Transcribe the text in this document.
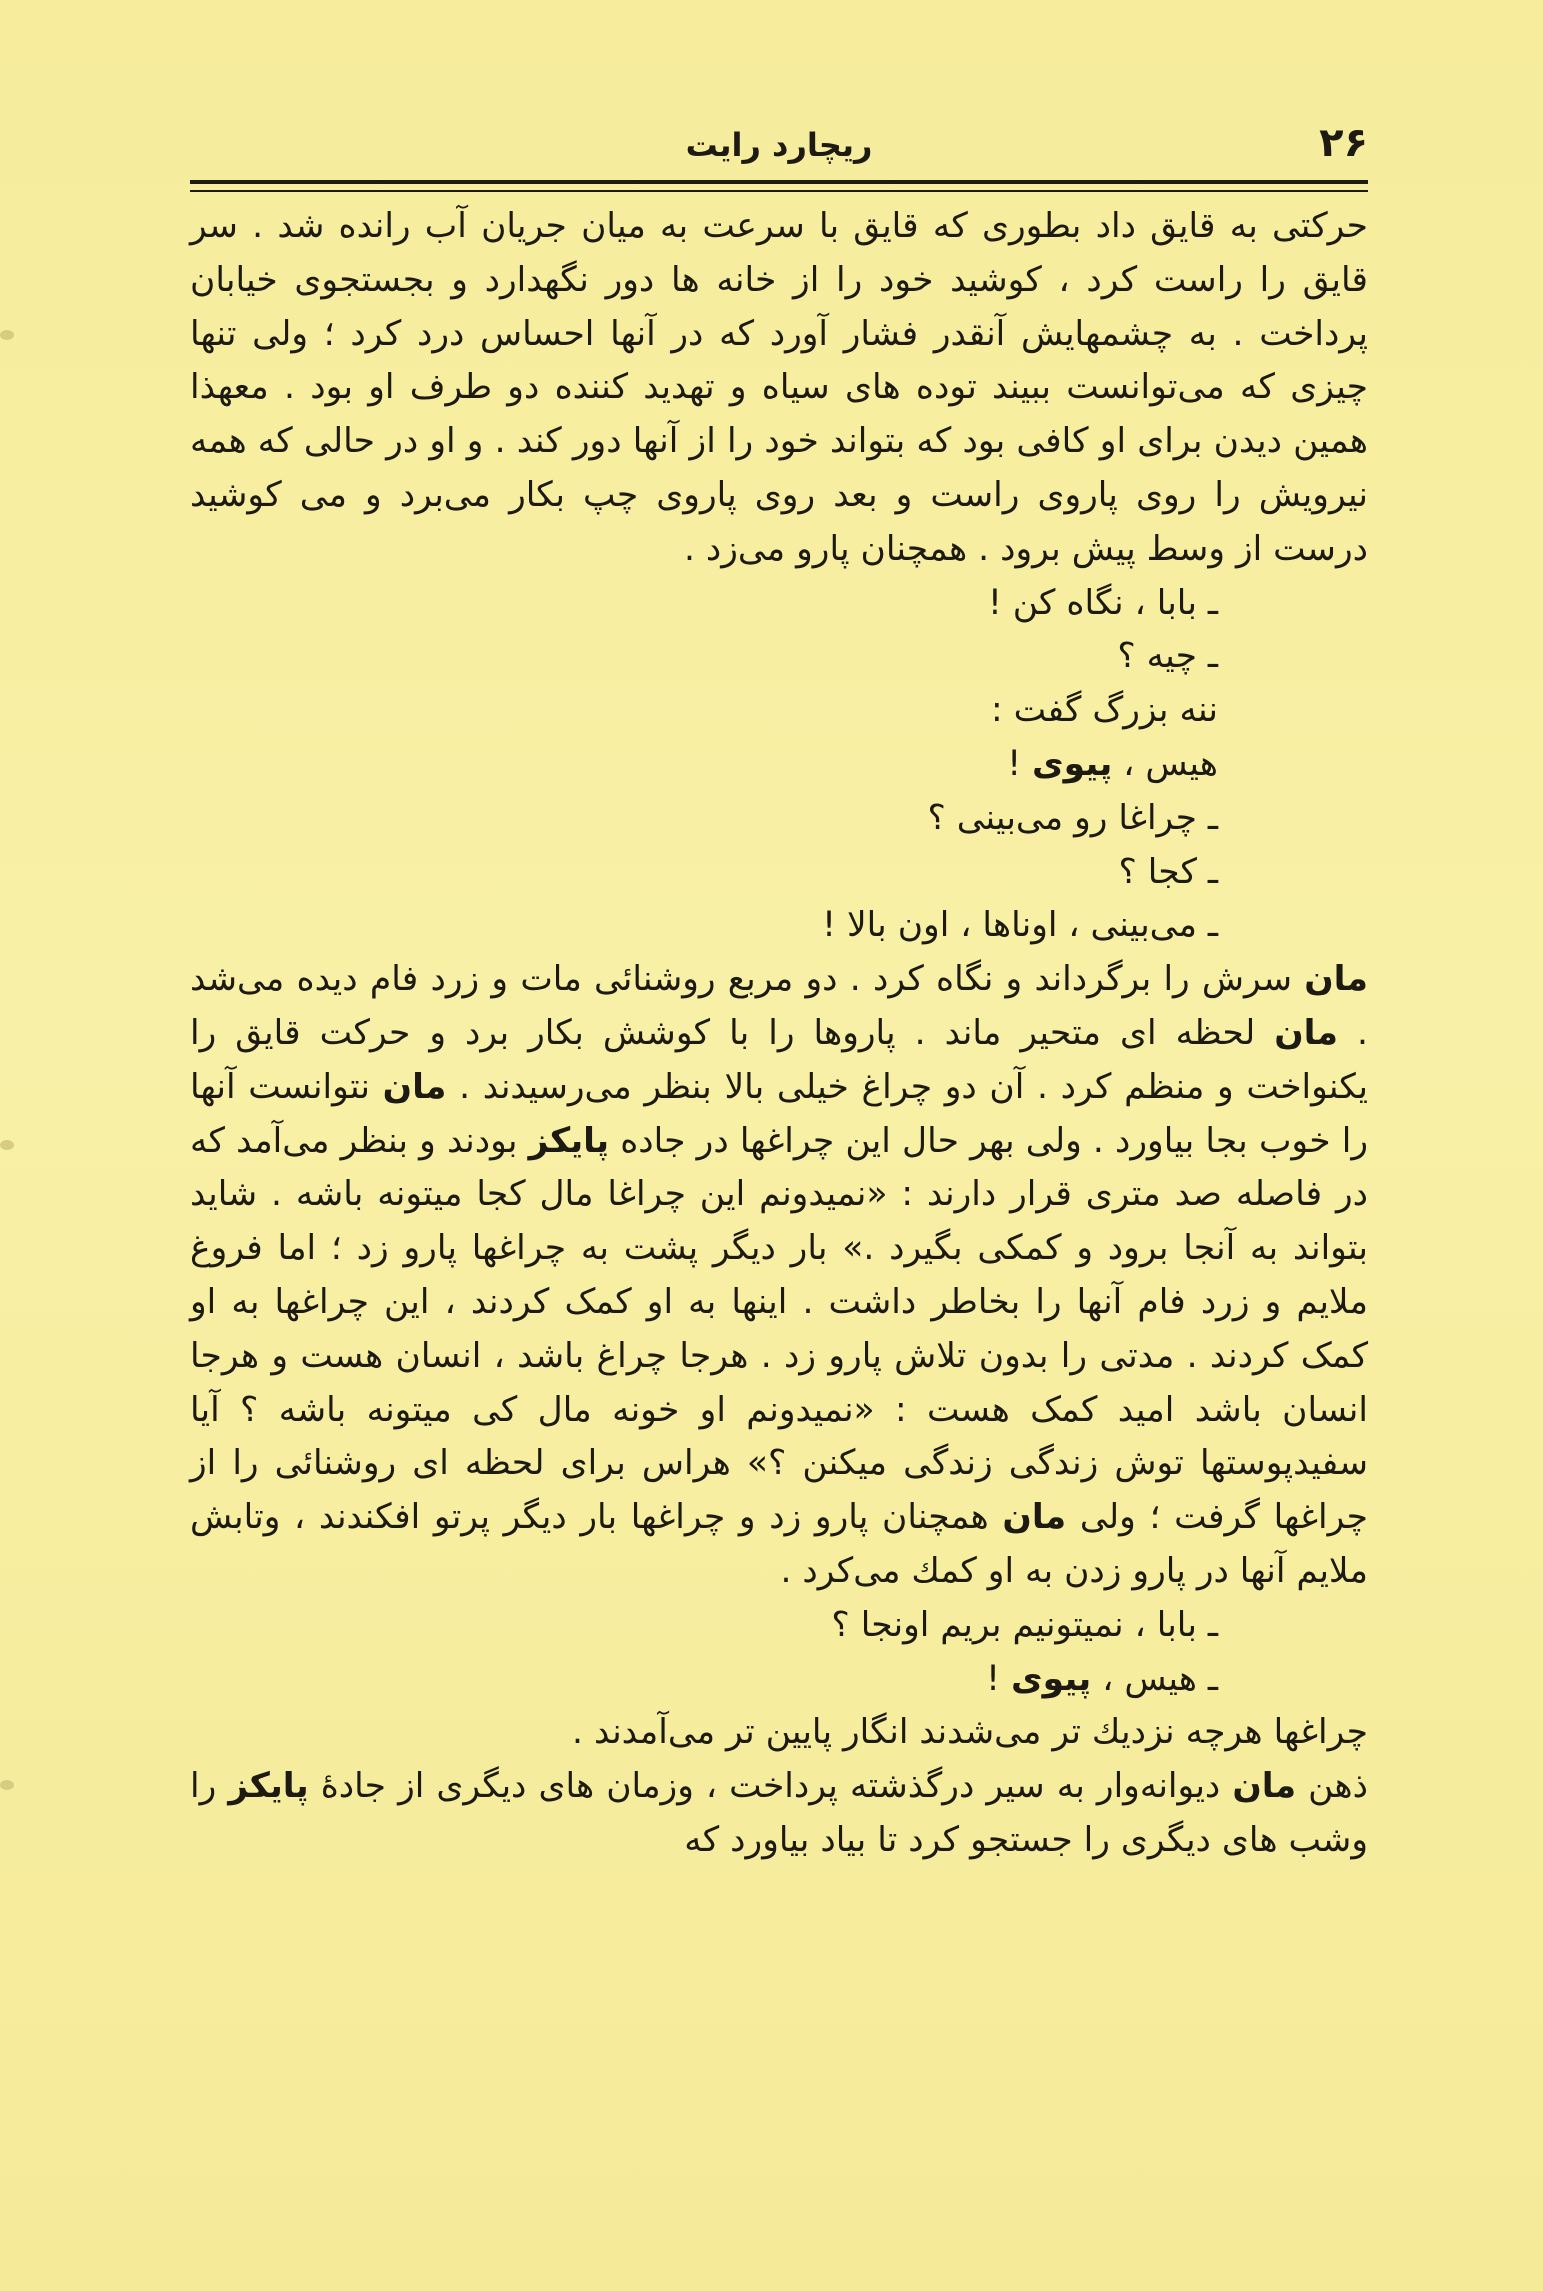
۲۶
ریچارد رایت

حرکتی به قایق داد بطوری که قایق با سرعت به میان جریان آب رانده شد . سر قایق را راست کرد ، کوشید خود را از خانه ها دور نگهدارد و بجستجوی خیابان پرداخت . به چشمهایش آنقدر فشار آورد که در آنها احساس درد کرد ؛ ولی تنها چیزی که می‌توانست ببیند توده های سیاه و تهدید کننده دو طرف او بود . معهذا همین دیدن برای او کافی بود که بتواند خود را از آنها دور کند . و او در حالی که همه نیرویش را روی پاروی راست و بعد روی پاروی چپ بکار می‌برد و می کوشید درست از وسط پیش برود . همچنان پارو می‌زد .

ـ بابا ، نگاه کن !

ـ چیه ؟

ننه بزرگ گفت :

هیس ، پیوی !

ـ چراغا رو می‌بینی ؟

ـ کجا ؟

ـ می‌بینی ، اوناها ، اون بالا !

مان سرش را برگرداند و نگاه کرد . دو مربع روشنائی مات و زرد فام دیده می‌شد . مان لحظه ای متحیر ماند . پاروها را با کوشش بکار برد و حرکت قایق را یکنواخت و منظم کرد . آن دو چراغ خیلی بالا بنظر می‌رسیدند . مان نتوانست آنها را خوب بجا بیاورد . ولی بهر حال این چراغها در جاده پایکز بودند و بنظر می‌آمد که در فاصله صد متری قرار دارند : «نمیدونم این چراغا مال کجا میتونه باشه . شاید بتواند به آنجا برود و کمکی بگیرد .» بار دیگر پشت به چراغها پارو زد ؛ اما فروغ ملایم و زرد فام آنها را بخاطر داشت . اینها به او کمک کردند ، این چراغها به او کمک کردند . مدتی را بدون تلاش پارو زد . هرجا چراغ باشد ، انسان هست و هرجا انسان باشد امید کمک هست : «نمیدونم او خونه مال کی میتونه باشه ؟ آیا سفیدپوستها توش زندگی زندگی میکنن ؟» هراس برای لحظه ای روشنائی را از چراغها گرفت ؛ ولی مان همچنان پارو زد و چراغها بار دیگر پرتو افکندند ، وتابش ملایم آنها در پارو زدن به او کمك می‌کرد .

ـ بابا ، نمیتونیم بریم اونجا ؟

ـ هیس ، پیوی !

چراغها هرچه نزدیك تر می‌شدند انگار پایین تر می‌آمدند .

ذهن مان دیوانه‌وار به سیر درگذشته پرداخت ، وزمان های دیگری از جادهٔ پایکز را وشب های دیگری را جستجو کرد تا بیاد بیاورد که
